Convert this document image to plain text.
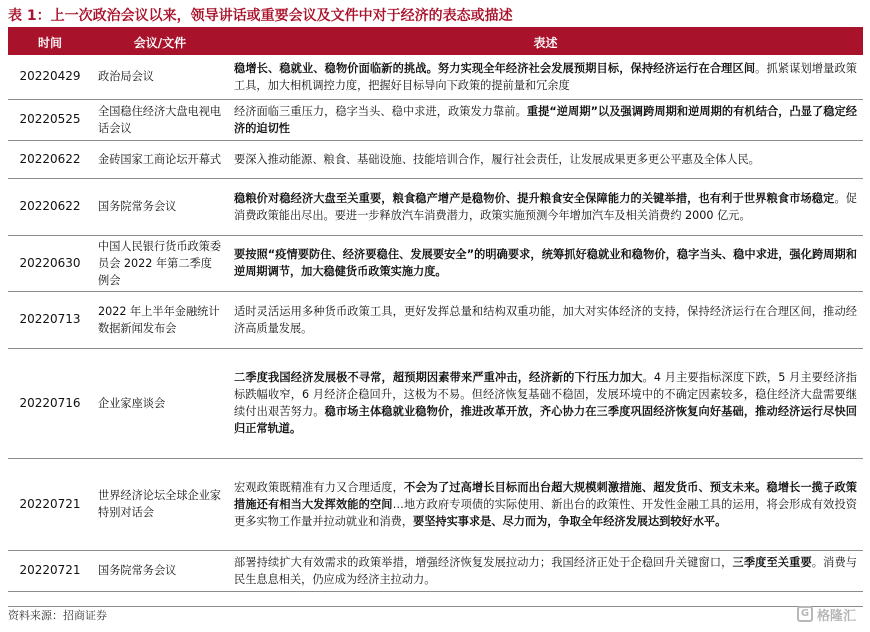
表 1：上一次政治会议以来，领导讲话或重要会议及文件中对于经济的表态或描述
时间	会议/文件	表述
20220429	政治局会议	稳增长、稳就业、稳物价面临新的挑战。努力实现全年经济社会发展预期目标，保持经济运行在合理区间。抓紧谋划增量政策工具，加大相机调控力度，把握好目标导向下政策的提前量和冗余度
20220525	全国稳住经济大盘电视电话会议	经济面临三重压力，稳字当头、稳中求进，政策发力靠前。重提“逆周期”以及强调跨周期和逆周期的有机结合，凸显了稳定经济的迫切性
20220622	金砖国家工商论坛开幕式	要深入推动能源、粮食、基础设施、技能培训合作，履行社会责任，让发展成果更多更公平惠及全体人民。
20220622	国务院常务会议	稳粮价对稳经济大盘至关重要，粮食稳产增产是稳物价、提升粮食安全保障能力的关键举措，也有利于世界粮食市场稳定。促消费政策能出尽出。要进一步释放汽车消费潜力，政策实施预测今年增加汽车及相关消费约 2000 亿元。
20220630	中国人民银行货币政策委员会 2022 年第二季度例会	要按照“疫情要防住、经济要稳住、发展要安全”的明确要求，统筹抓好稳就业和稳物价，稳字当头、稳中求进，强化跨周期和逆周期调节，加大稳健货币政策实施力度。
20220713	2022 年上半年金融统计数据新闻发布会	适时灵活运用多种货币政策工具，更好发挥总量和结构双重功能，加大对实体经济的支持，保持经济运行在合理区间，推动经济高质量发展。
20220716	企业家座谈会	二季度我国经济发展极不寻常，超预期因素带来严重冲击，经济新的下行压力加大。4 月主要指标深度下跌，5 月主要经济指标跌幅收窄，6 月经济企稳回升，这极为不易。但经济恢复基础不稳固，发展环境中的不确定因素较多，稳住经济大盘需要继续付出艰苦努力。稳市场主体稳就业稳物价，推进改革开放，齐心协力在三季度巩固经济恢复向好基础，推动经济运行尽快回归正常轨道。
20220721	世界经济论坛全球企业家特别对话会	宏观政策既精准有力又合理适度，不会为了过高增长目标而出台超大规模刺激措施、超发货币、预支未来。稳增长一揽子政策措施还有相当大发挥效能的空间…地方政府专项债的实际使用、新出台的政策性、开发性金融工具的运用，将会形成有效投资更多实物工作量并拉动就业和消费，要坚持实事求是、尽力而为，争取全年经济发展达到较好水平。
20220721	国务院常务会议	部署持续扩大有效需求的政策举措，增强经济恢复发展拉动力；我国经济正处于企稳回升关键窗口，三季度至关重要。消费与民生息息相关，仍应成为经济主拉动力。
资料来源：招商证券	G 格隆汇
